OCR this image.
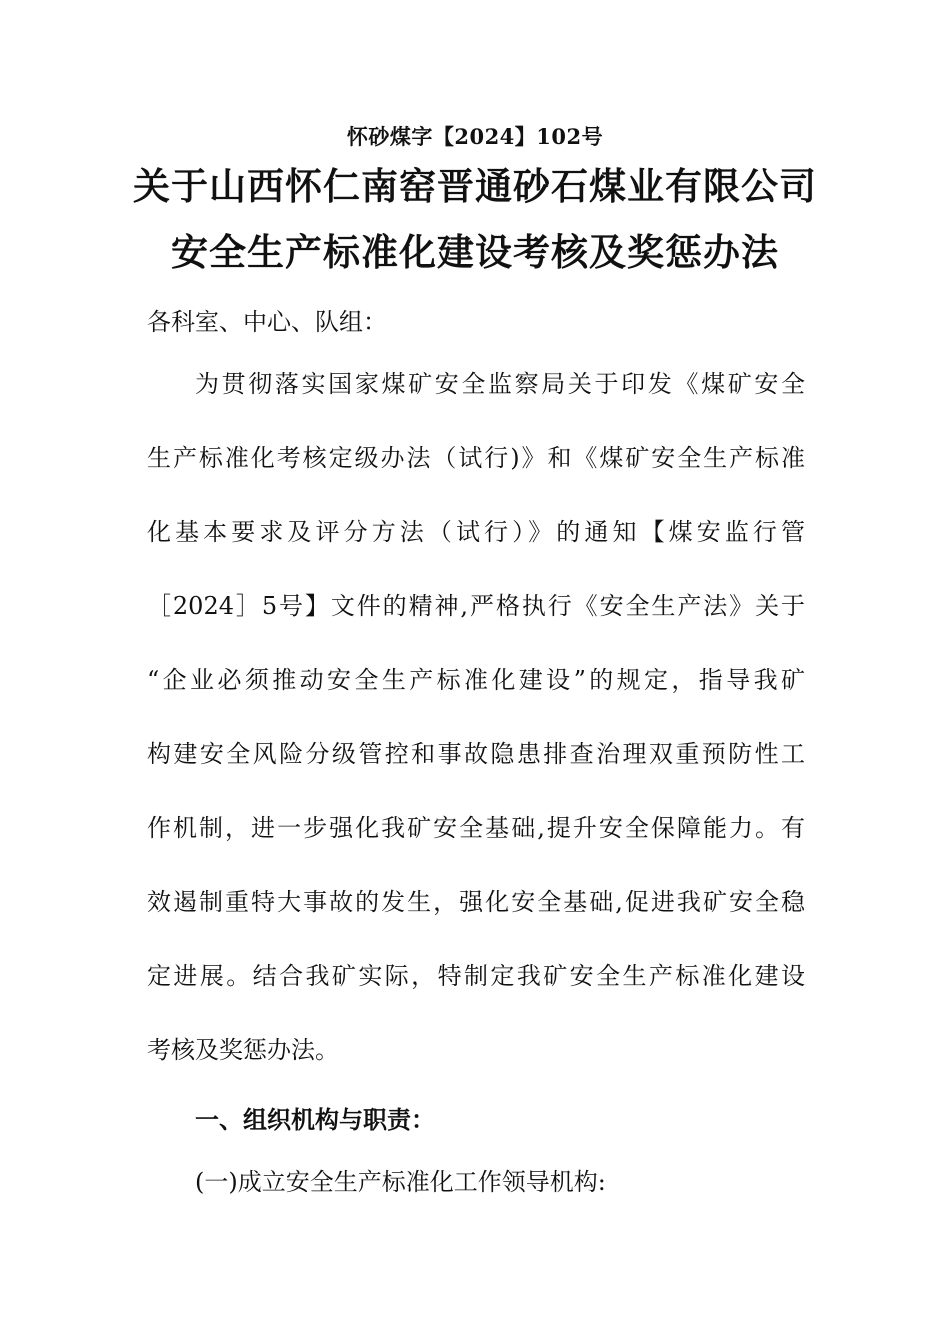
怀砂煤字【2024】102号
关于山西怀仁南窑晋通砂石煤业有限公司
安全生产标准化建设考核及奖惩办法
各科室、中心、队组：
为贯彻落实国家煤矿安全监察局关于印发《煤矿安全
生产标准化考核定级办法（试行)》和《煤矿安全生产标准
化基本要求及评分方法（试行）》的通知【煤安监行管
［2024］5号】文件的精神,严格执行《安全生产法》关于
“企业必须推动安全生产标准化建设”的规定，指导我矿
构建安全风险分级管控和事故隐患排查治理双重预防性工
作机制，进一步强化我矿安全基础,提升安全保障能力。有
效遏制重特大事故的发生，强化安全基础,促进我矿安全稳
定进展。结合我矿实际，特制定我矿安全生产标准化建设
考核及奖惩办法。
一、组织机构与职责：
(一)成立安全生产标准化工作领导机构:
